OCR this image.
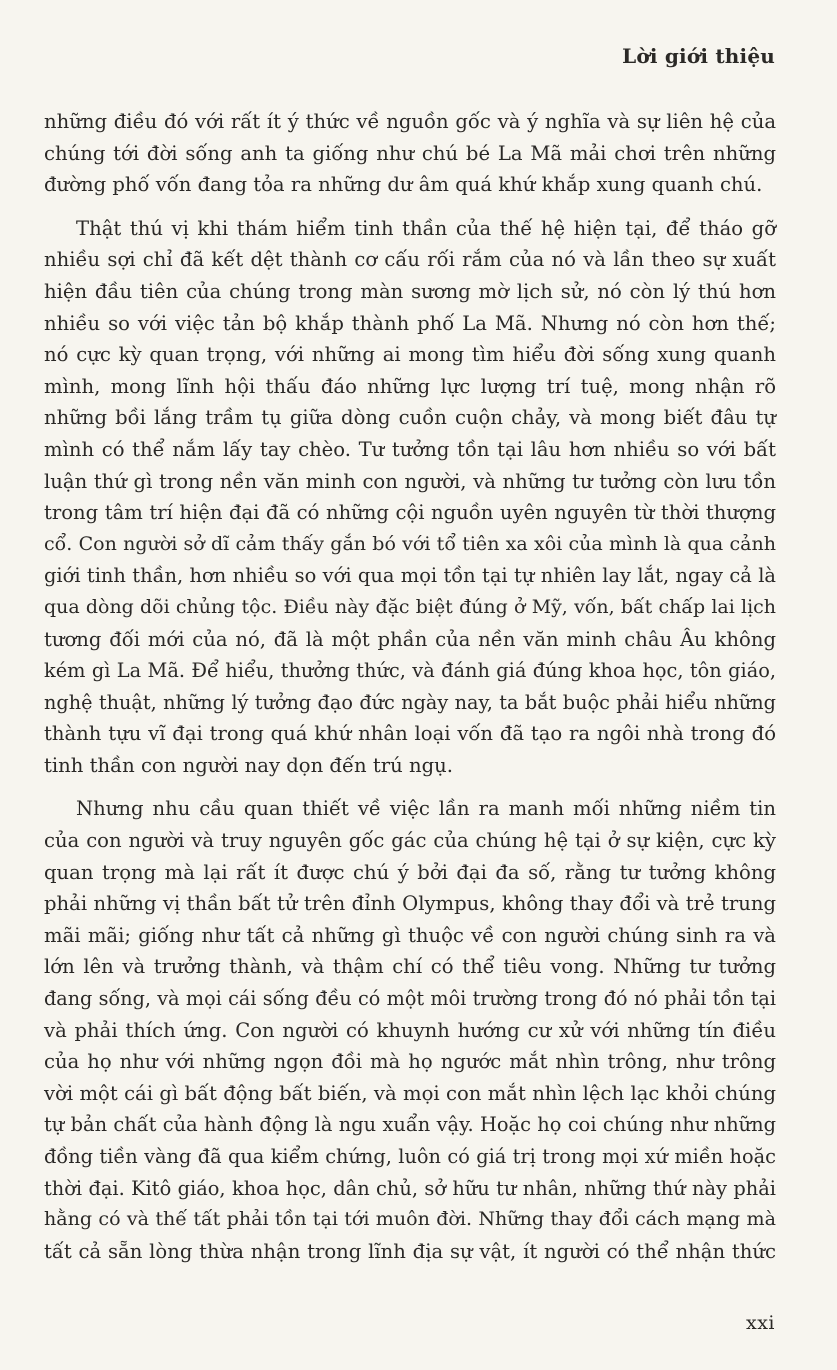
Lời giới thiệu
những điều đó với rất ít ý thức về nguồn gốc và ý nghĩa và sự liên hệ của
chúng tới đời sống anh ta giống như chú bé La Mã mải chơi trên những
đường phố vốn đang tỏa ra những dư âm quá khứ khắp xung quanh chú.
Thật thú vị khi thám hiểm tinh thần của thế hệ hiện tại, để tháo gỡ
nhiều sợi chỉ đã kết dệt thành cơ cấu rối rắm của nó và lần theo sự xuất
hiện đầu tiên của chúng trong màn sương mờ lịch sử, nó còn lý thú hơn
nhiều so với việc tản bộ khắp thành phố La Mã. Nhưng nó còn hơn thế;
nó cực kỳ quan trọng, với những ai mong tìm hiểu đời sống xung quanh
mình, mong lĩnh hội thấu đáo những lực lượng trí tuệ, mong nhận rõ
những bồi lắng trầm tụ giữa dòng cuồn cuộn chảy, và mong biết đâu tự
mình có thể nắm lấy tay chèo. Tư tưởng tồn tại lâu hơn nhiều so với bất
luận thứ gì trong nền văn minh con người, và những tư tưởng còn lưu tồn
trong tâm trí hiện đại đã có những cội nguồn uyên nguyên từ thời thượng
cổ. Con người sở dĩ cảm thấy gắn bó với tổ tiên xa xôi của mình là qua cảnh
giới tinh thần, hơn nhiều so với qua mọi tồn tại tự nhiên lay lắt, ngay cả là
qua dòng dõi chủng tộc. Điều này đặc biệt đúng ở Mỹ, vốn, bất chấp lai lịch
tương đối mới của nó, đã là một phần của nền văn minh châu Âu không
kém gì La Mã. Để hiểu, thưởng thức, và đánh giá đúng khoa học, tôn giáo,
nghệ thuật, những lý tưởng đạo đức ngày nay, ta bắt buộc phải hiểu những
thành tựu vĩ đại trong quá khứ nhân loại vốn đã tạo ra ngôi nhà trong đó
tinh thần con người nay dọn đến trú ngụ.
Nhưng nhu cầu quan thiết về việc lần ra manh mối những niềm tin
của con người và truy nguyên gốc gác của chúng hệ tại ở sự kiện, cực kỳ
quan trọng mà lại rất ít được chú ý bởi đại đa số, rằng tư tưởng không
phải những vị thần bất tử trên đỉnh Olympus, không thay đổi và trẻ trung
mãi mãi; giống như tất cả những gì thuộc về con người chúng sinh ra và
lớn lên và trưởng thành, và thậm chí có thể tiêu vong. Những tư tưởng
đang sống, và mọi cái sống đều có một môi trường trong đó nó phải tồn tại
và phải thích ứng. Con người có khuynh hướng cư xử với những tín điều
của họ như với những ngọn đồi mà họ ngước mắt nhìn trông, như trông
vời một cái gì bất động bất biến, và mọi con mắt nhìn lệch lạc khỏi chúng
tự bản chất của hành động là ngu xuẩn vậy. Hoặc họ coi chúng như những
đồng tiền vàng đã qua kiểm chứng, luôn có giá trị trong mọi xứ miền hoặc
thời đại. Kitô giáo, khoa học, dân chủ, sở hữu tư nhân, những thứ này phải
hằng có và thế tất phải tồn tại tới muôn đời. Những thay đổi cách mạng mà
tất cả sẵn lòng thừa nhận trong lĩnh địa sự vật, ít người có thể nhận thức
xxi
